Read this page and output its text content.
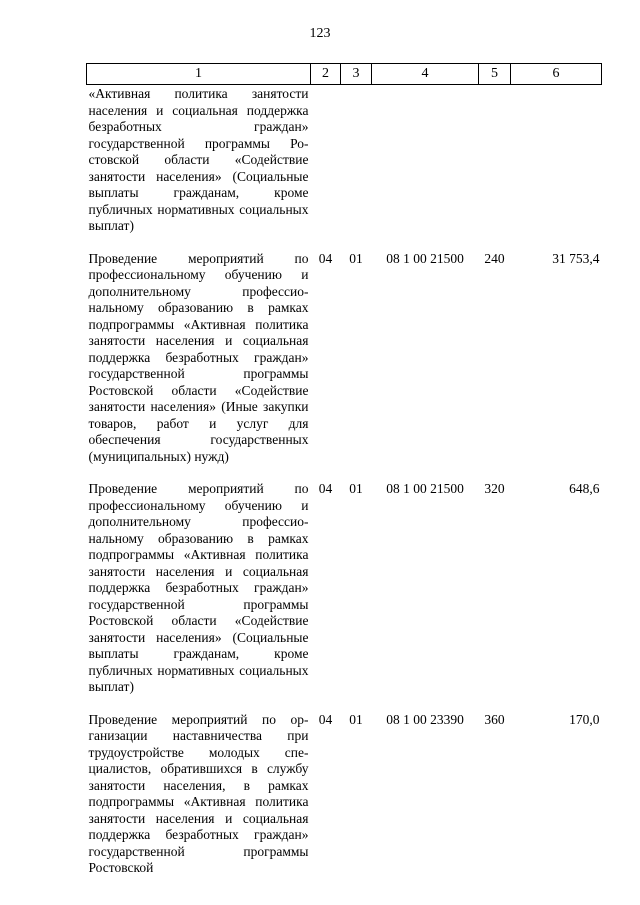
123
1	2	3	4	5	6
«Активная политика занятости населения и социальная поддержка безработных граждан» государственной программы Ростовской области «Содействие занятости населения» (Социальные выплаты гражданам, кроме публичных нормативных социальных выплат)					
Проведение мероприятий по профессиональному обучению и дополнительному профессиональному образованию в рамках подпрограммы «Активная политика занятости населения и социальная поддержка безработных граждан» государственной программы Ростовской области «Содействие занятости населения» (Иные закупки товаров, работ и услуг для обеспечения государственных (муниципальных) нужд)	04	01	08 1 00 21500	240	31 753,4
Проведение мероприятий по профессиональному обучению и дополнительному профессиональному образованию в рамках подпрограммы «Активная политика занятости населения и социальная поддержка безработных граждан» государственной программы Ростовской области «Содействие занятости населения» (Социальные выплаты гражданам, кроме публичных нормативных социальных выплат)	04	01	08 1 00 21500	320	648,6
Проведение мероприятий по организации наставничества при трудоустройстве молодых специалистов, обратившихся в службу занятости населения, в рамках подпрограммы «Активная политика занятости населения и социальная поддержка безработных граждан» государственной программы Ростовской	04	01	08 1 00 23390	360	170,0
